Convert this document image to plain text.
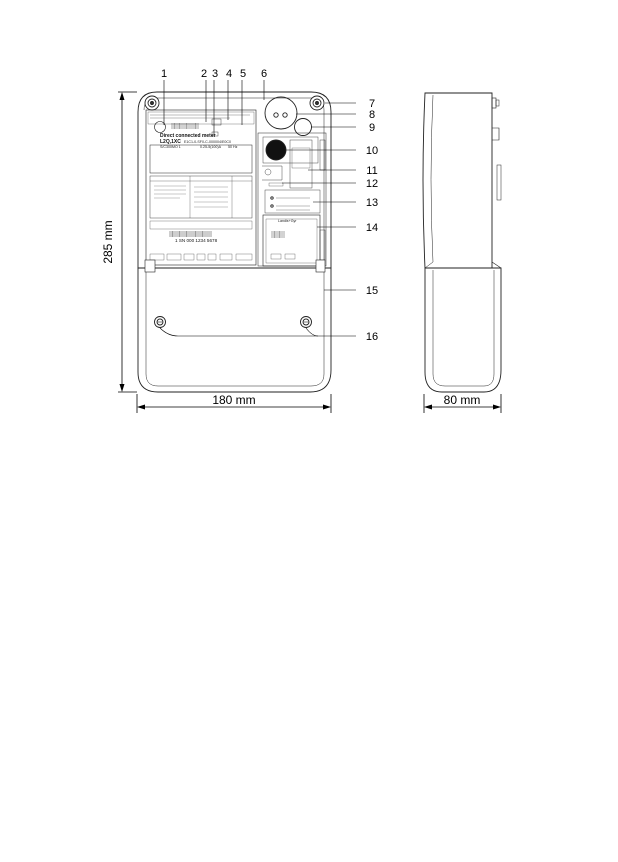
Direct connected meter
L2Q,1XC E1C1-0-SF0-C-000004/E0C0
S/C300MO 1	0.25-5(100)A 50 Hz
1 SN 000 1234 5678
Landis+Gyr
285 mm
180 mm	80 mm
1	2 3 4 5 6
7
8
9
10
11
12
13
14
15
16
